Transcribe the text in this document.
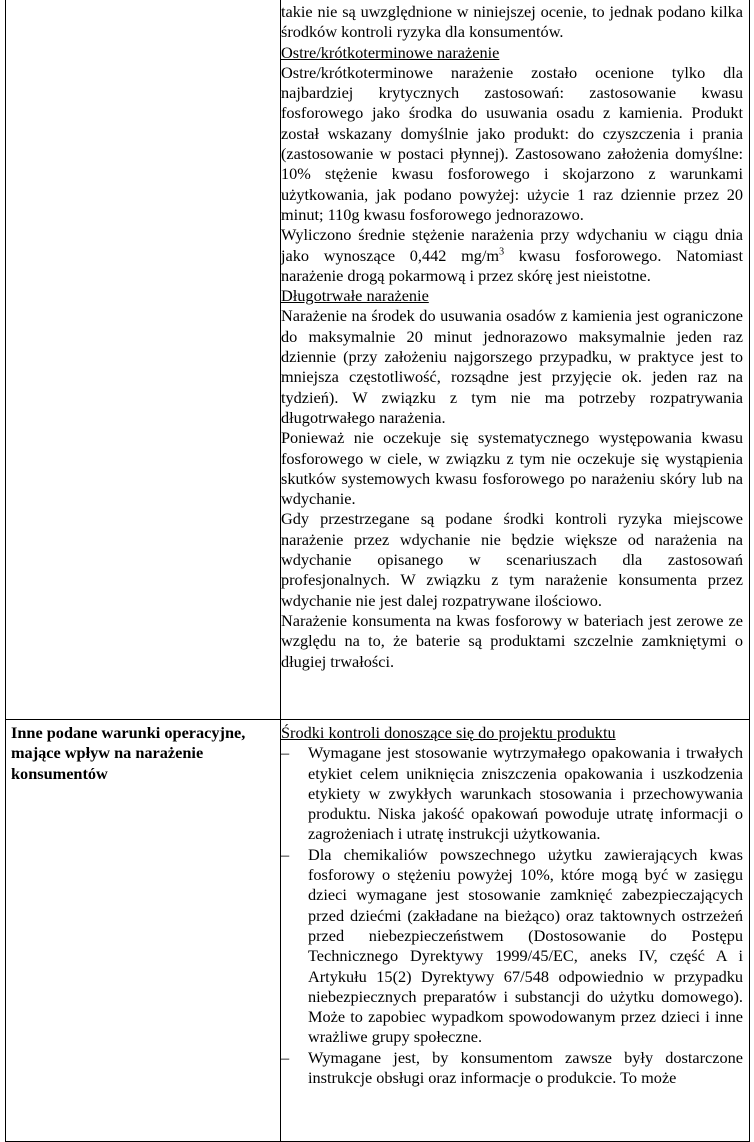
takie nie są uwzględnione w niniejszej ocenie, to jednak podano kilka środków kontroli ryzyka dla konsumentów.

Ostre/krótkoterminowe narażenie

Ostre/krótkoterminowe narażenie zostało ocenione tylko dla najbardziej krytycznych zastosowań: zastosowanie kwasu fosforowego jako środka do usuwania osadu z kamienia. Produkt został wskazany domyślnie jako produkt: do czyszczenia i prania (zastosowanie w postaci płynnej). Zastosowano założenia domyślne: 10% stężenie kwasu fosforowego i skojarzono z warunkami użytkowania, jak podano powyżej: użycie 1 raz dziennie przez 20 minut; 110g kwasu fosforowego jednorazowo.

Wyliczono średnie stężenie narażenia przy wdychaniu w ciągu dnia jako wynoszące 0,442 $mg/m^3$ kwasu fosforowego. Natomiast narażenie drogą pokarmową i przez skórę jest nieistotne.

Długotrwałe narażenie

Narażenie na środek do usuwania osadów z kamienia jest ograniczone do maksymalnie 20 minut jednorazowo maksymalnie jeden raz dziennie (przy założeniu najgorszego przypadku, w praktyce jest to mniejsza częstotliwość, rozsądne jest przyjęcie ok. jeden raz na tydzień). W związku z tym nie ma potrzeby rozpatrywania długotrwałego narażenia.

Ponieważ nie oczekuje się systematycznego występowania kwasu fosforowego w ciele, w związku z tym nie oczekuje się wystąpienia skutków systemowych kwasu fosforowego po narażeniu skóry lub na wdychanie.

Gdy przestrzegane są podane środki kontroli ryzyka miejscowe narażenie przez wdychanie nie będzie większe od narażenia na wdychanie opisanego w scenariuszach dla zastosowań profesjonalnych. W związku z tym narażenie konsumenta przez wdychanie nie jest dalej rozpatrywane ilościowo.

Narażenie konsumenta na kwas fosforowy w bateriach jest zerowe ze względu na to, że baterie są produktami szczelnie zamkniętymi o długiej trwałości.

Inne podane warunki operacyjne, mające wpływ na narażenie konsumentów

Środki kontroli donoszące się do projektu produktu

– Wymagane jest stosowanie wytrzymałego opakowania i trwałych etykiet celem uniknięcia zniszczenia opakowania i uszkodzenia etykiety w zwykłych warunkach stosowania i przechowywania produktu. Niska jakość opakowań powoduje utratę informacji o zagrożeniach i utratę instrukcji użytkowania.
– Dla chemikaliów powszechnego użytku zawierających kwas fosforowy o stężeniu powyżej 10%, które mogą być w zasięgu dzieci wymagane jest stosowanie zamknięć zabezpieczających przed dziećmi (zakładane na bieżąco) oraz taktownych ostrzeżeń przed niebezpieczeństwem (Dostosowanie do Postępu Technicznego Dyrektywy 1999/45/EC, aneks IV, część A i Artykułu 15(2) Dyrektywy 67/548 odpowiednio w przypadku niebezpiecznych preparatów i substancji do użytku domowego). Może to zapobiec wypadkom spowodowanym przez dzieci i inne wrażliwe grupy społeczne.
– Wymagane jest, by konsumentom zawsze były dostarczone instrukcje obsługi oraz informacje o produkcie. To może
